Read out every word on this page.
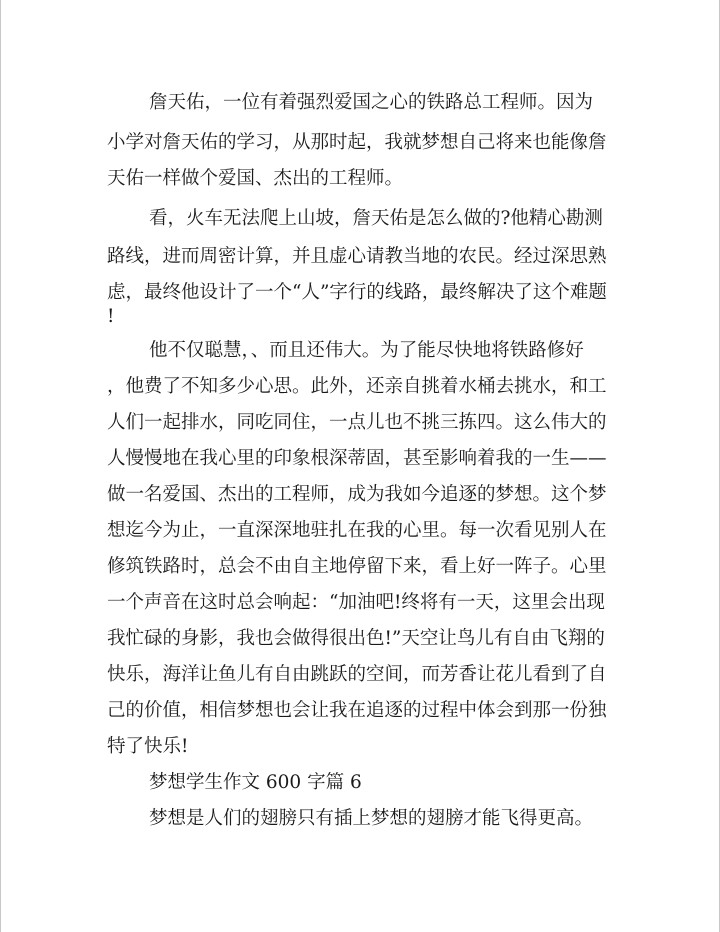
詹天佑，一位有着强烈爱国之心的铁路总工程师。因为

小学对詹天佑的学习，从那时起，我就梦想自己将来也能像詹

天佑一样做个爱国、杰出的工程师。

看，火车无法爬上山坡，詹天佑是怎么做的?他精心勘测

路线，进而周密计算，并且虚心请教当地的农民。经过深思熟

虑，最终他设计了一个“人”字行的线路，最终解决了这个难题

!

他不仅聪慧，、而且还伟大。为了能尽快地将铁路修好

，他费了不知多少心思。此外，还亲自挑着水桶去挑水，和工

人们一起排水，同吃同住，一点儿也不挑三拣四。这么伟大的

人慢慢地在我心里的印象根深蒂固，甚至影响着我的一生——

做一名爱国、杰出的工程师，成为我如今追逐的梦想。这个梦

想迄今为止，一直深深地驻扎在我的心里。每一次看见别人在

修筑铁路时，总会不由自主地停留下来，看上好一阵子。心里

一个声音在这时总会响起：“加油吧!终将有一天，这里会出现

我忙碌的身影，我也会做得很出色!”天空让鸟儿有自由飞翔的

快乐，海洋让鱼儿有自由跳跃的空间，而芳香让花儿看到了自

己的价值，相信梦想也会让我在追逐的过程中体会到那一份独

特了快乐!

梦想学生作文 600 字篇 6

梦想是人们的翅膀只有插上梦想的翅膀才能飞得更高。
